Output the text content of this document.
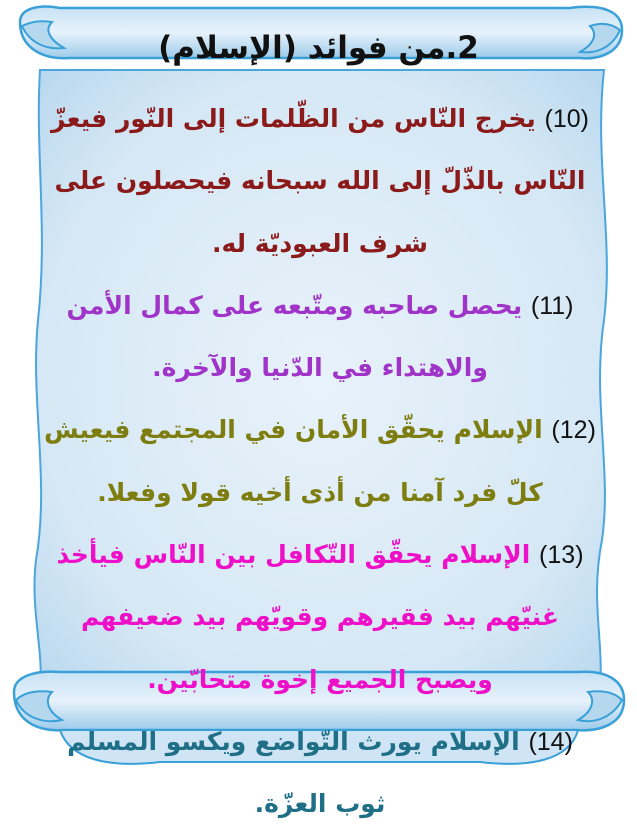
2.من فوائد (الإسلام)

(10) يخرج النّاس من الظّلمات إلى النّور فيعزّ النّاس بالذّلّ إلى الله سبحانه فيحصلون على شرف العبوديّة له.

(11) يحصل صاحبه ومتّبعه على كمال الأمن والاهتداء في الدّنيا والآخرة.

(12) الإسلام يحقّق الأمان في المجتمع فيعيش كلّ فرد آمنا من أذى أخيه قولا وفعلا.

(13) الإسلام يحقّق التّكافل بين النّاس فيأخذ غنيّهم بيد فقيرهم وقويّهم بيد ضعيفهم ويصبح الجميع إخوة متحابّين.

(14) الإسلام يورث التّواضع ويكسو المسلم ثوب العزّة.
